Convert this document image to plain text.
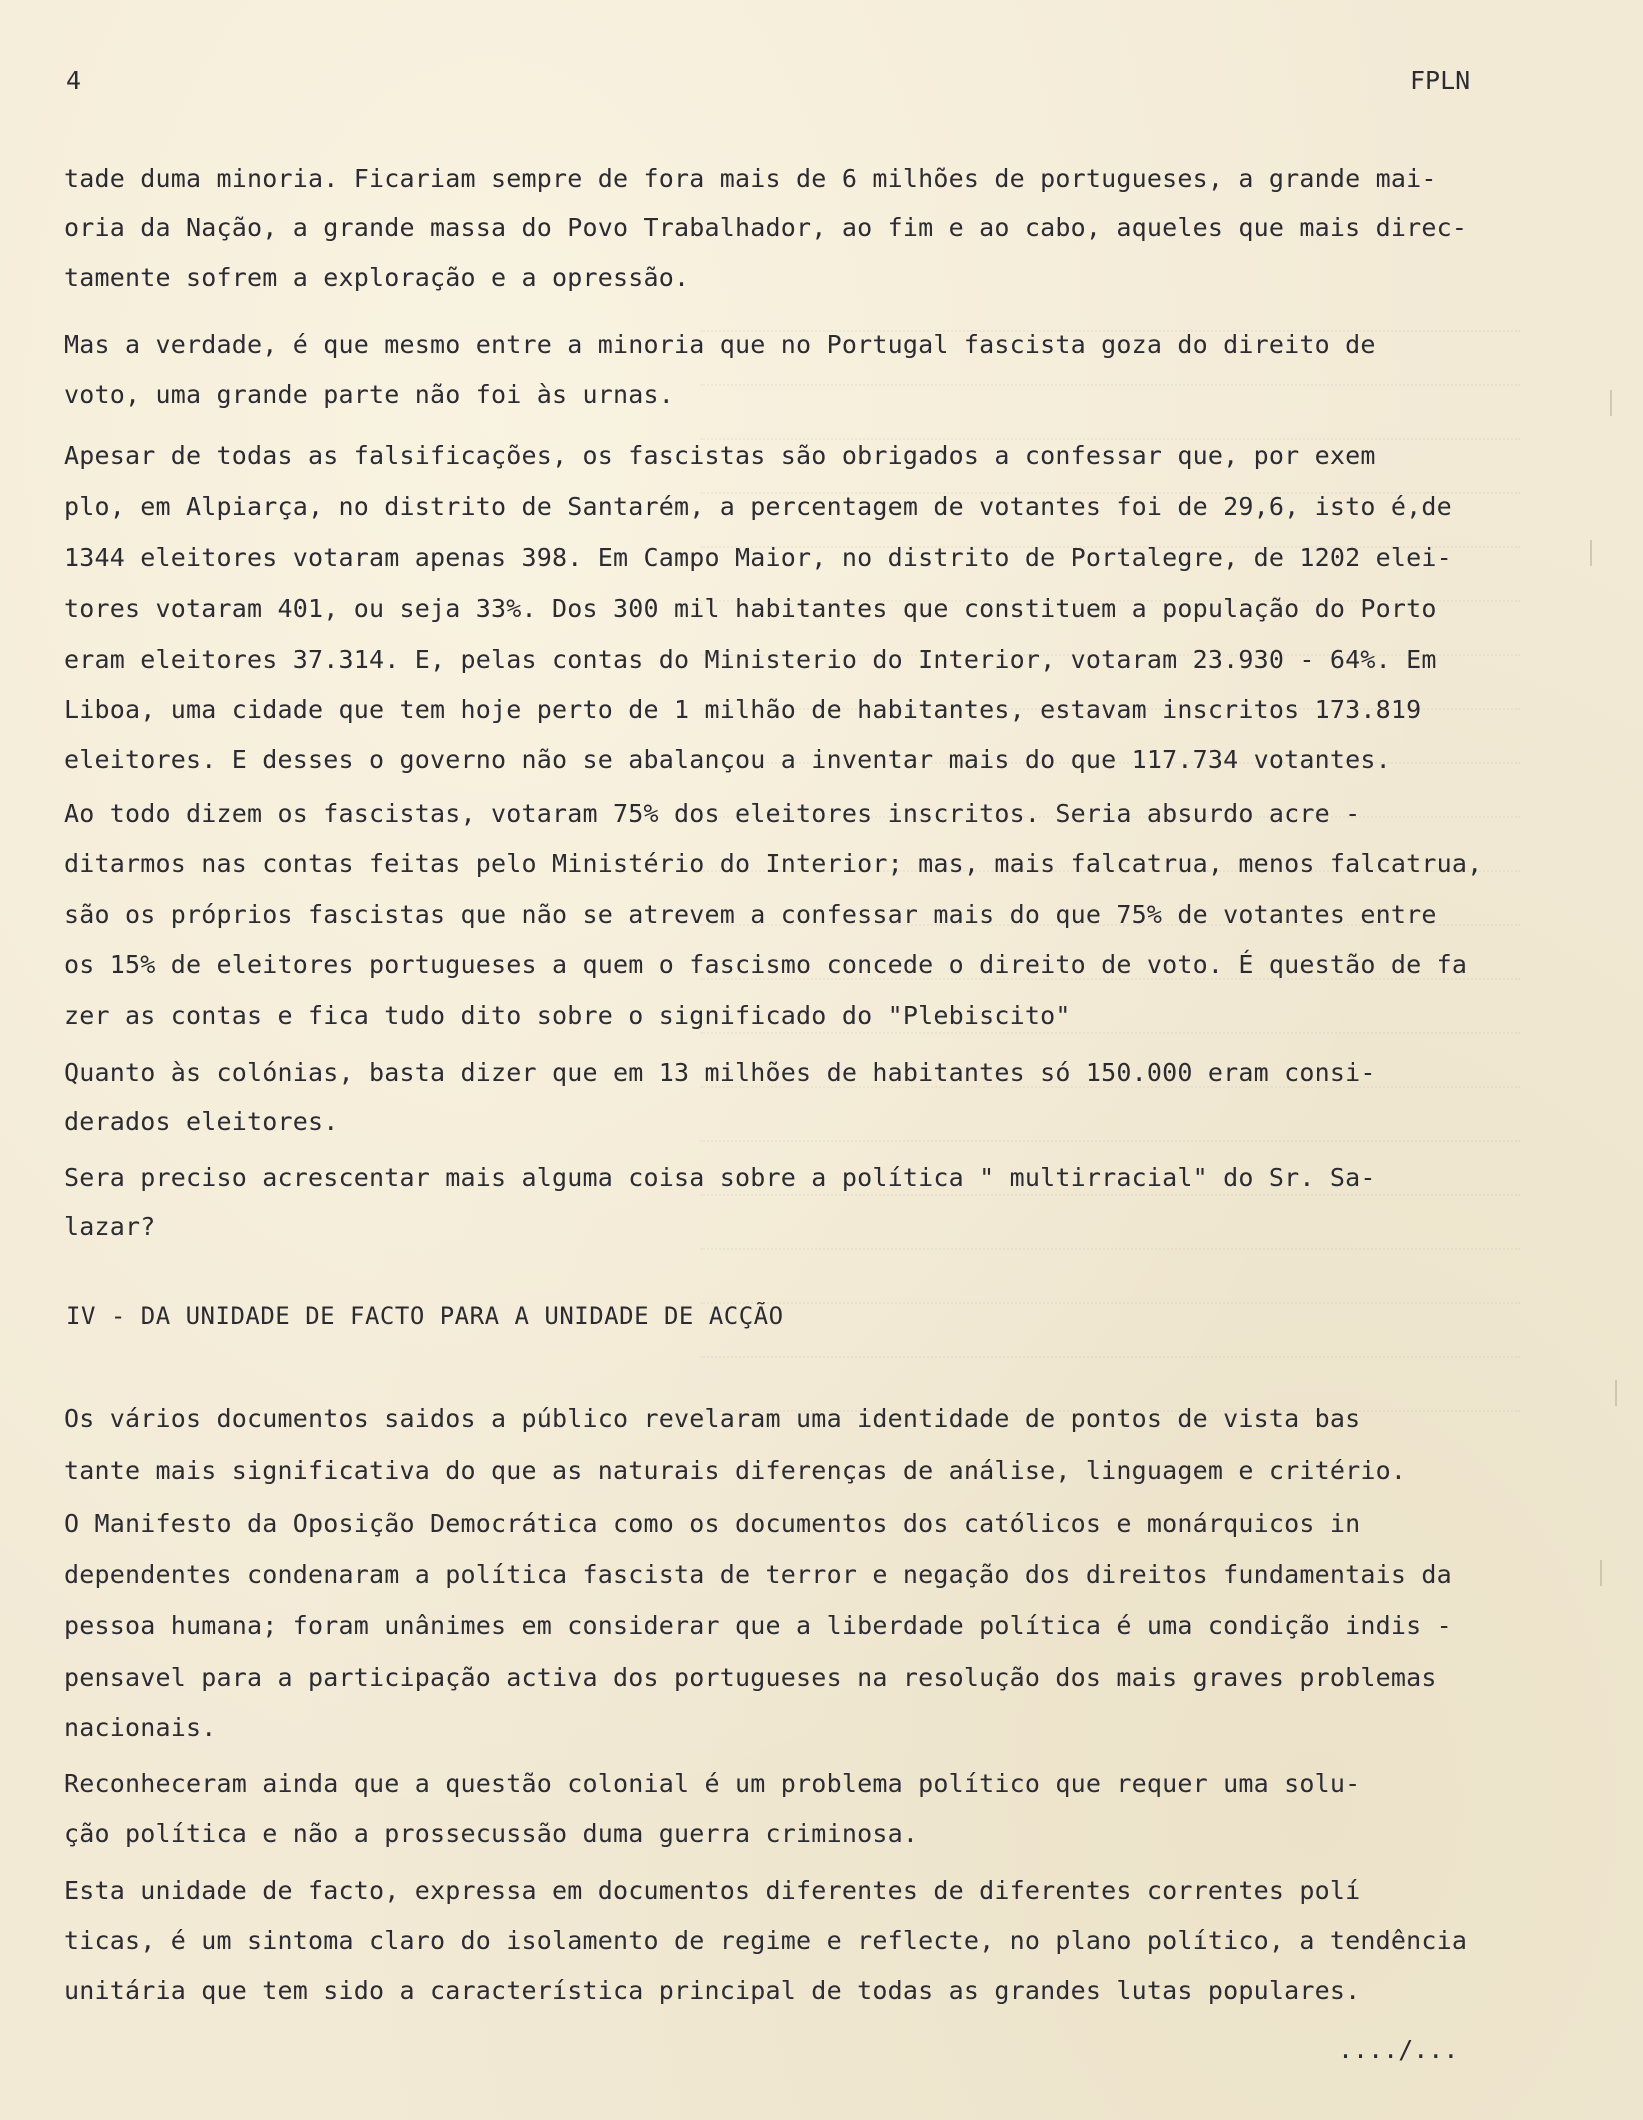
4	FPLN
tade duma minoria. Ficariam sempre de fora mais de 6 milhões de portugueses, a grande mai-
oria da Nação, a grande massa do Povo Trabalhador, ao fim e ao cabo, aqueles que mais direc-
tamente sofrem a exploração e a opressão.
Mas a verdade, é que mesmo entre a minoria que no Portugal fascista goza do direito de
voto, uma grande parte não foi às urnas.
Apesar de todas as falsificações, os fascistas são obrigados a confessar que, por exem
plo, em Alpiarça, no distrito de Santarém, a percentagem de votantes foi de 29,6, isto é,de
1344 eleitores votaram apenas 398. Em Campo Maior, no distrito de Portalegre, de 1202 elei-
tores votaram 401, ou seja 33%. Dos 300 mil habitantes que constituem a população do Porto
eram eleitores 37.314. E, pelas contas do Ministerio do Interior, votaram 23.930 - 64%. Em
Liboa, uma cidade que tem hoje perto de 1 milhão de habitantes, estavam inscritos 173.819
eleitores. E desses o governo não se abalançou a inventar mais do que 117.734 votantes.
Ao todo dizem os fascistas, votaram 75% dos eleitores inscritos. Seria absurdo acre -
ditarmos nas contas feitas pelo Ministério do Interior; mas, mais falcatrua, menos falcatrua,
são os próprios fascistas que não se atrevem a confessar mais do que 75% de votantes entre
os 15% de eleitores portugueses a quem o fascismo concede o direito de voto. É questão de fa
zer as contas e fica tudo dito sobre o significado do "Plebiscito"
Quanto às colónias, basta dizer que em 13 milhões de habitantes só 150.000 eram consi-
derados eleitores.
Sera preciso acrescentar mais alguma coisa sobre a política " multirracial" do Sr. Sa-
lazar?
IV - DA UNIDADE DE FACTO PARA A UNIDADE DE ACÇÃO
Os vários documentos saidos a público revelaram uma identidade de pontos de vista bas
tante mais significativa do que as naturais diferenças de análise, linguagem e critério.
O Manifesto da Oposição Democrática como os documentos dos católicos e monárquicos in
dependentes condenaram a política fascista de terror e negação dos direitos fundamentais da
pessoa humana; foram unânimes em considerar que a liberdade política é uma condição indis -
pensavel para a participação activa dos portugueses na resolução dos mais graves problemas
nacionais.
Reconheceram ainda que a questão colonial é um problema político que requer uma solu-
ção política e não a prossecussão duma guerra criminosa.
Esta unidade de facto, expressa em documentos diferentes de diferentes correntes polí
ticas, é um sintoma claro do isolamento de regime e reflecte, no plano político, a tendência
unitária que tem sido a característica principal de todas as grandes lutas populares.
..../...
